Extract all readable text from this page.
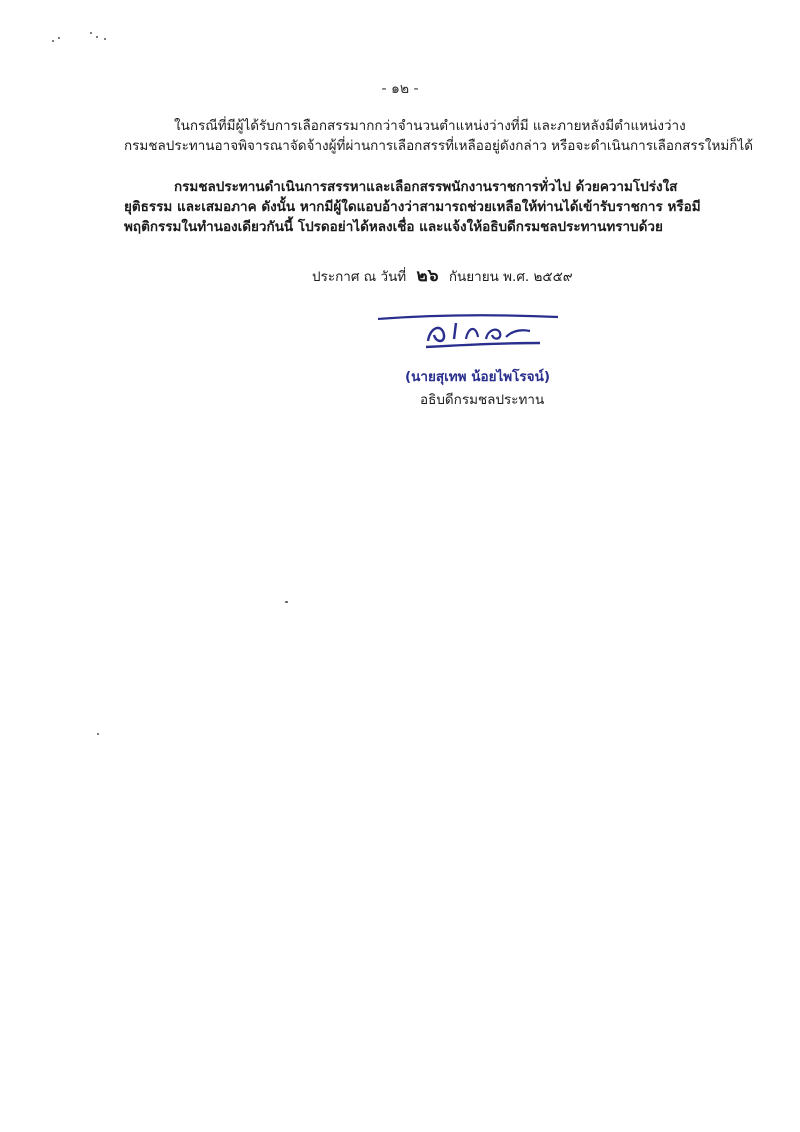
- ๑๒ -
ในกรณีที่มีผู้ได้รับการเลือกสรรมากกว่าจำนวนตำแหน่งว่างที่มี และภายหลังมีตำแหน่งว่าง
กรมชลประทานอาจพิจารณาจัดจ้างผู้ที่ผ่านการเลือกสรรที่เหลืออยู่ดังกล่าว หรือจะดำเนินการเลือกสรรใหม่ก็ได้
กรมชลประทานดำเนินการสรรหาและเลือกสรรพนักงานราชการทั่วไป ด้วยความโปร่งใส
ยุติธรรม และเสมอภาค ดังนั้น หากมีผู้ใดแอบอ้างว่าสามารถช่วยเหลือให้ท่านได้เข้ารับราชการ หรือมี
พฤติกรรมในทำนองเดียวกันนี้ โปรดอย่าได้หลงเชื่อ และแจ้งให้อธิบดีกรมชลประทานทราบด้วย
ประกาศ ณ วันที่ ๒๖ กันยายน พ.ศ. ๒๕๕๙
(นายสุเทพ น้อยไพโรจน์)
อธิบดีกรมชลประทาน
